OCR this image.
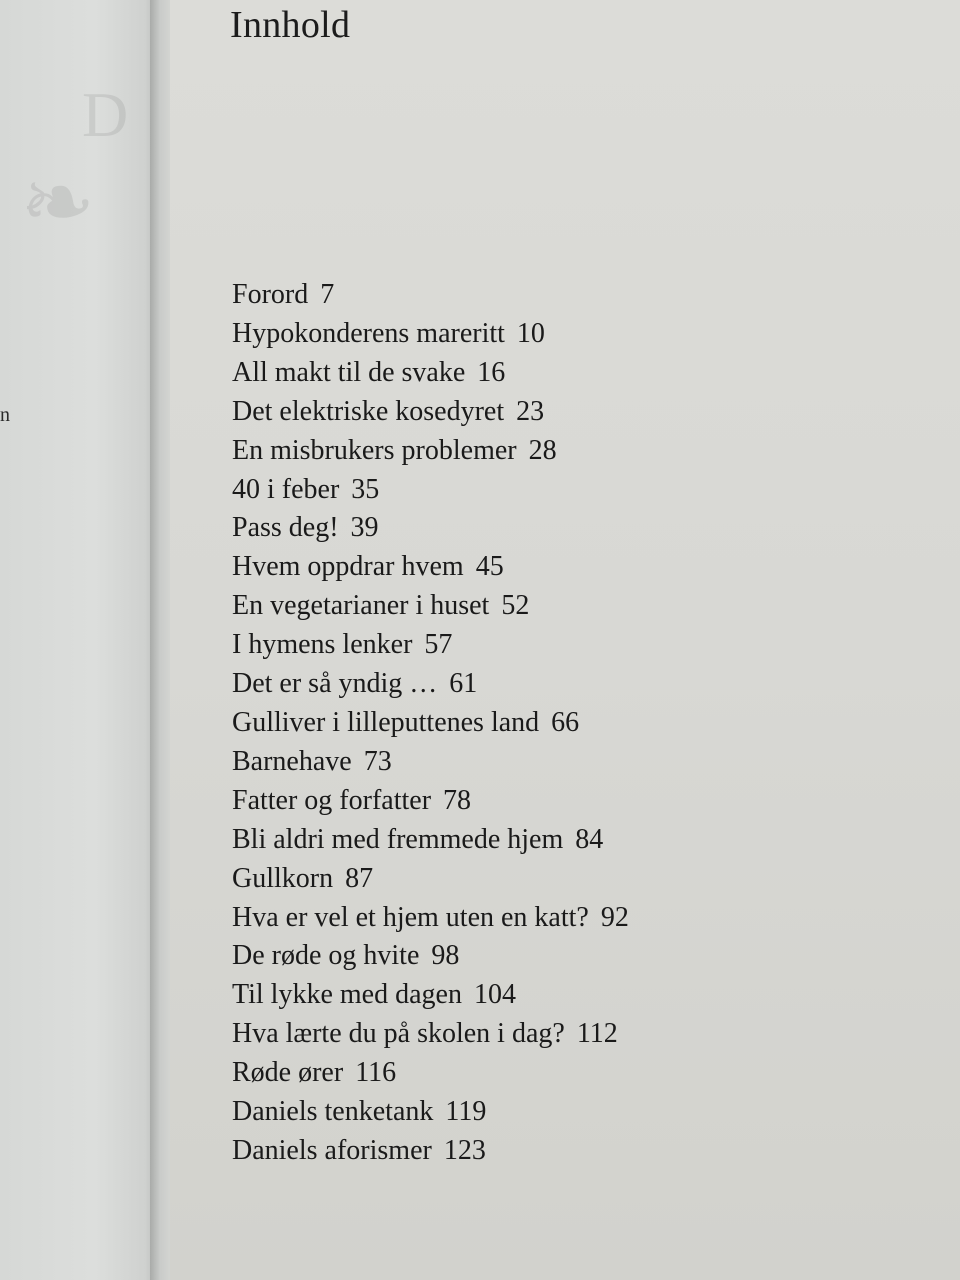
D
❧
n
Innhold
Forord 7
Hypokonderens mareritt 10
All makt til de svake 16
Det elektriske kosedyret 23
En misbrukers problemer 28
40 i feber 35
Pass deg! 39
Hvem oppdrar hvem 45
En vegetarianer i huset 52
I hymens lenker 57
Det er så yndig … 61
Gulliver i lilleputtenes land 66
Barnehave 73
Fatter og forfatter 78
Bli aldri med fremmede hjem 84
Gullkorn 87
Hva er vel et hjem uten en katt? 92
De røde og hvite 98
Til lykke med dagen 104
Hva lærte du på skolen i dag? 112
Røde ører 116
Daniels tenketank 119
Daniels aforismer 123
